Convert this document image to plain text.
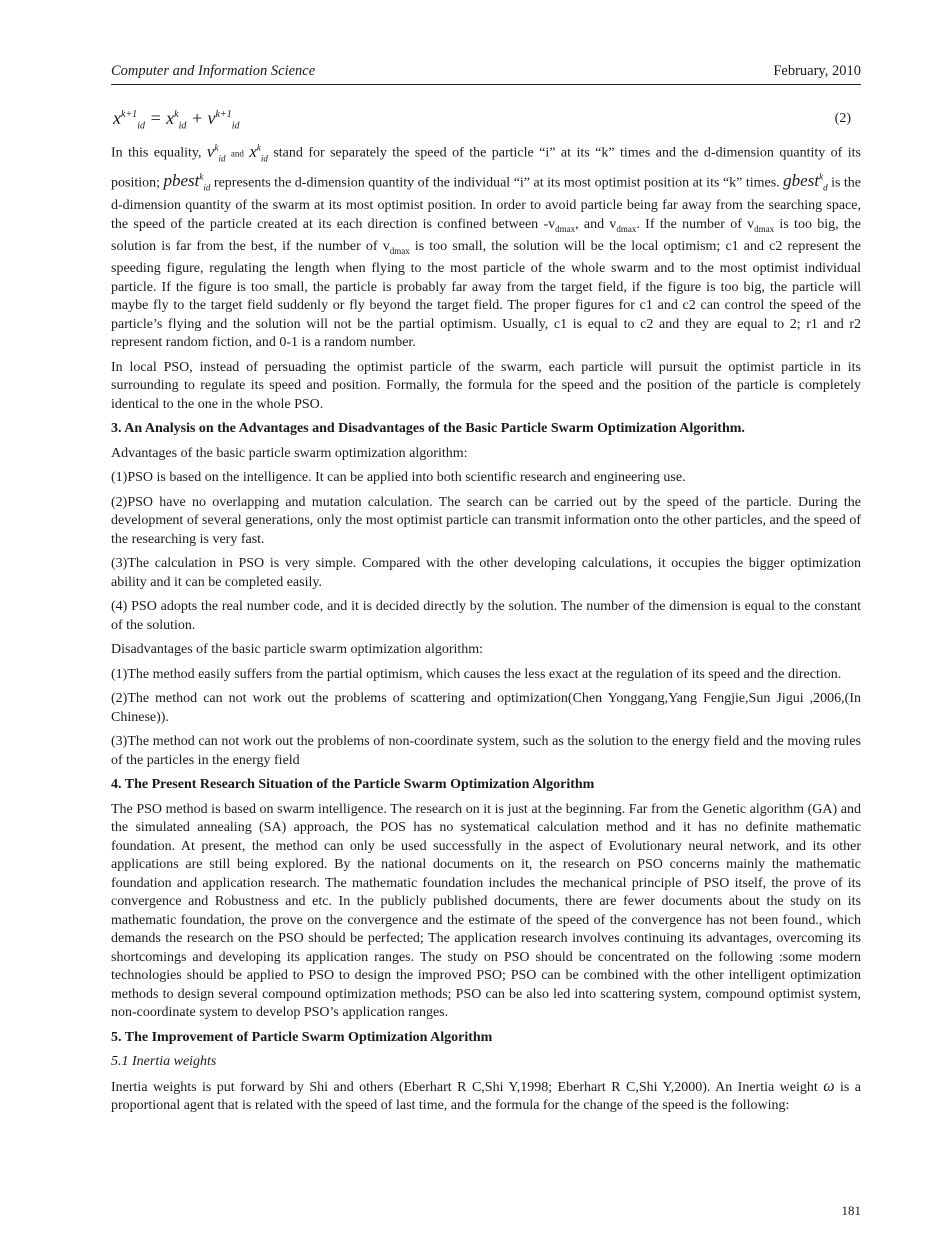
Computer and Information Science	February, 2010
$x^{k+1}_{id} = x^k_{id} + v^{k+1}_{id}$
(2)

In this equality, $v^k_{id}$ and $x^k_{id}$ stand for separately the speed of the particle “i” at its “k” times and the d-dimension quantity of its position; pbest$^k_{id}$ represents the d-dimension quantity of the individual “i” at its most optimist position at its “k” times. gbest$^k_d$ is the d-dimension quantity of the swarm at its most optimist position. In order to avoid particle being far away from the searching space, the speed of the particle created at its each direction is confined between $-v_{dmax}$, and $v_{dmax}$. If the number of $v_{dmax}$ is too big, the solution is far from the best, if the number of $v_{dmax}$ is too small, the solution will be the local optimism; c1 and c2 represent the speeding figure, regulating the length when flying to the most particle of the whole swarm and to the most optimist individual particle. If the figure is too small, the particle is probably far away from the target field, if the figure is too big, the particle will maybe fly to the target field suddenly or fly beyond the target field. The proper figures for c1 and c2 can control the speed of the particle’s flying and the solution will not be the partial optimism. Usually, c1 is equal to c2 and they are equal to 2; r1 and r2 represent random fiction, and 0-1 is a random number.

In local PSO, instead of persuading the optimist particle of the swarm, each particle will pursuit the optimist particle in its surrounding to regulate its speed and position. Formally, the formula for the speed and the position of the particle is completely identical to the one in the whole PSO.

3. An Analysis on the Advantages and Disadvantages of the Basic Particle Swarm Optimization Algorithm.

Advantages of the basic particle swarm optimization algorithm:

(1)PSO is based on the intelligence. It can be applied into both scientific research and engineering use.

(2)PSO have no overlapping and mutation calculation. The search can be carried out by the speed of the particle. During the development of several generations, only the most optimist particle can transmit information onto the other particles, and the speed of the researching is very fast.

(3)The calculation in PSO is very simple. Compared with the other developing calculations, it occupies the bigger optimization ability and it can be completed easily.

(4) PSO adopts the real number code, and it is decided directly by the solution. The number of the dimension is equal to the constant of the solution.

Disadvantages of the basic particle swarm optimization algorithm:

(1)The method easily suffers from the partial optimism, which causes the less exact at the regulation of its speed and the direction.

(2)The method can not work out the problems of scattering and optimization(Chen Yonggang,Yang Fengjie,Sun Jigui ,2006,(In Chinese)).

(3)The method can not work out the problems of non-coordinate system, such as the solution to the energy field and the moving rules of the particles in the energy field

4. The Present Research Situation of the Particle Swarm Optimization Algorithm

The PSO method is based on swarm intelligence. The research on it is just at the beginning. Far from the Genetic algorithm (GA) and the simulated annealing (SA) approach, the POS has no systematical calculation method and it has no definite mathematic foundation. At present, the method can only be used successfully in the aspect of Evolutionary neural network, and its other applications are still being explored. By the national documents on it, the research on PSO concerns mainly the mathematic foundation and application research. The mathematic foundation includes the mechanical principle of PSO itself, the prove of its convergence and Robustness and etc. In the publicly published documents, there are fewer documents about the study on its mathematic foundation, the prove on the convergence and the estimate of the speed of the convergence has not been found., which demands the research on the PSO should be perfected; The application research involves continuing its advantages, overcoming its shortcomings and developing its application ranges. The study on PSO should be concentrated on the following :some modern technologies should be applied to PSO to design the improved PSO; PSO can be combined with the other intelligent optimization methods to design several compound optimization methods; PSO can be also led into scattering system, compound optimist system, non-coordinate system to develop PSO’s application ranges.

5. The Improvement of Particle Swarm Optimization Algorithm

5.1 Inertia weights

Inertia weights is put forward by Shi and others (Eberhart R C,Shi Y,1998; Eberhart R C,Shi Y,2000). An Inertia weight ω is a proportional agent that is related with the speed of last time, and the formula for the change of the speed is the following:

181
